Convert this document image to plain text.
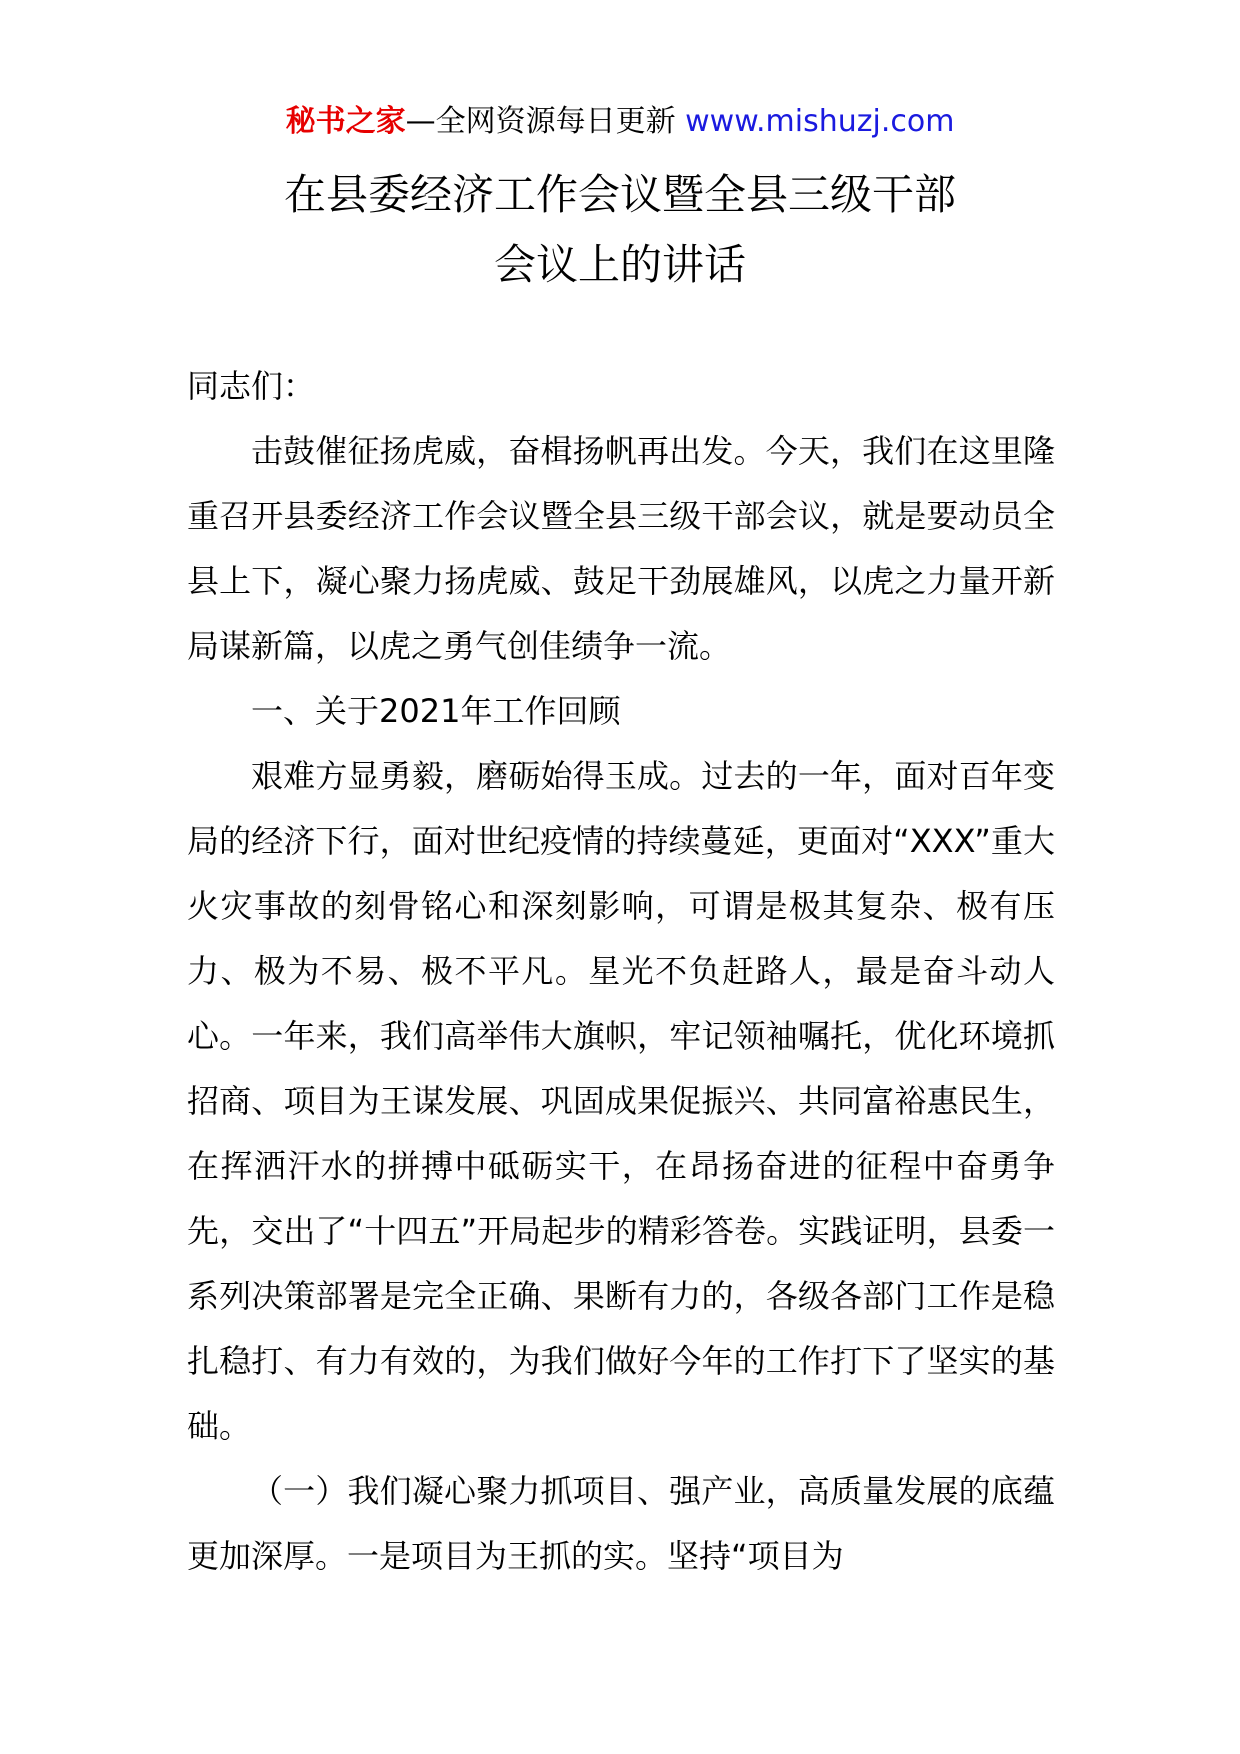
秘书之家—全网资源每日更新 www.mishuzj.com
在县委经济工作会议暨全县三级干部
会议上的讲话

同志们：

击鼓催征扬虎威，奋楫扬帆再出发。今天，我们在这里隆重召开县委经济工作会议暨全县三级干部会议，就是要动员全县上下，凝心聚力扬虎威、鼓足干劲展雄风，以虎之力量开新局谋新篇，以虎之勇气创佳绩争一流。

一、关于2021年工作回顾

艰难方显勇毅，磨砺始得玉成。过去的一年，面对百年变局的经济下行，面对世纪疫情的持续蔓延，更面对“XXX”重大火灾事故的刻骨铭心和深刻影响，可谓是极其复杂、极有压力、极为不易、极不平凡。星光不负赶路人，最是奋斗动人心。一年来，我们高举伟大旗帜，牢记领袖嘱托，优化环境抓招商、项目为王谋发展、巩固成果促振兴、共同富裕惠民生，在挥洒汗水的拼搏中砥砺实干，在昂扬奋进的征程中奋勇争先，交出了“十四五”开局起步的精彩答卷。实践证明，县委一系列决策部署是完全正确、果断有力的，各级各部门工作是稳扎稳打、有力有效的，为我们做好今年的工作打下了坚实的基础。

（一）我们凝心聚力抓项目、强产业，高质量发展的底蕴更加深厚。一是项目为王抓的实。坚持“项目为
